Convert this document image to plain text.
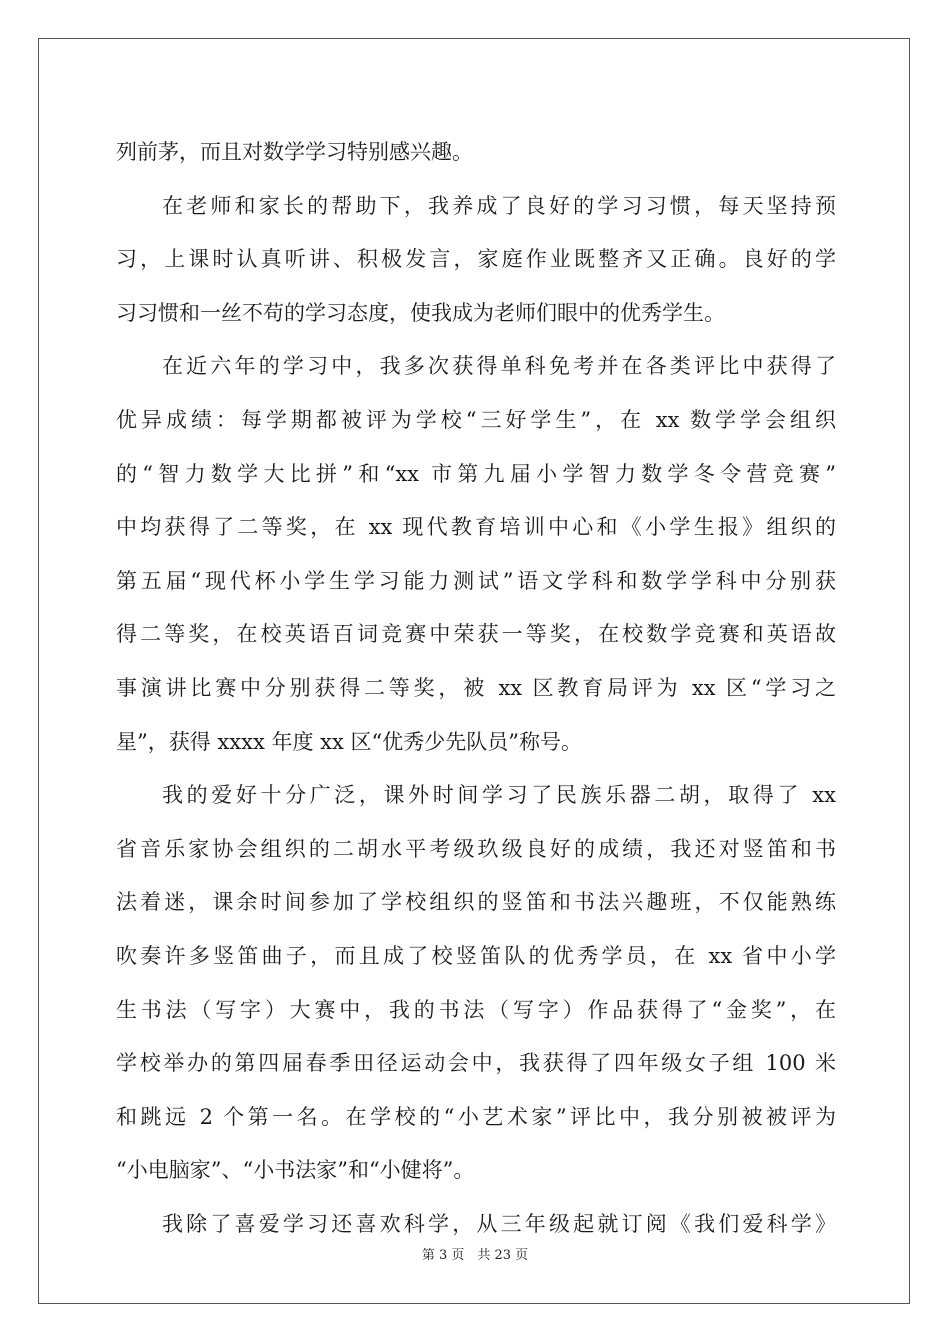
列前茅，而且对数学学习特别感兴趣。
在老师和家长的帮助下，我养成了良好的学习习惯，每天坚持预
习，上课时认真听讲、积极发言，家庭作业既整齐又正确。良好的学
习习惯和一丝不苟的学习态度，使我成为老师们眼中的优秀学生。
在近六年的学习中，我多次获得单科免考并在各类评比中获得了
优异成绩：每学期都被评为学校“三好学生”，在 xx 数学学会组织
的“智力数学大比拼”和“xx 市第九届小学智力数学冬令营竞赛”
中均获得了二等奖，在 xx 现代教育培训中心和《小学生报》组织的
第五届“现代杯小学生学习能力测试”语文学科和数学学科中分别获
得二等奖，在校英语百词竞赛中荣获一等奖，在校数学竞赛和英语故
事演讲比赛中分别获得二等奖，被 xx 区教育局评为 xx 区“学习之
星”，获得 xxxx 年度 xx 区“优秀少先队员”称号。
我的爱好十分广泛，课外时间学习了民族乐器二胡，取得了 xx
省音乐家协会组织的二胡水平考级玖级良好的成绩，我还对竖笛和书
法着迷，课余时间参加了学校组织的竖笛和书法兴趣班，不仅能熟练
吹奏许多竖笛曲子，而且成了校竖笛队的优秀学员，在 xx 省中小学
生书法（写字）大赛中，我的书法（写字）作品获得了“金奖”，在
学校举办的第四届春季田径运动会中，我获得了四年级女子组 100 米
和跳远 2 个第一名。在学校的“小艺术家”评比中，我分别被被评为
“小电脑家”、“小书法家”和“小健将”。
我除了喜爱学习还喜欢科学，从三年级起就订阅《我们爱科学》
第 3 页　共 23 页
